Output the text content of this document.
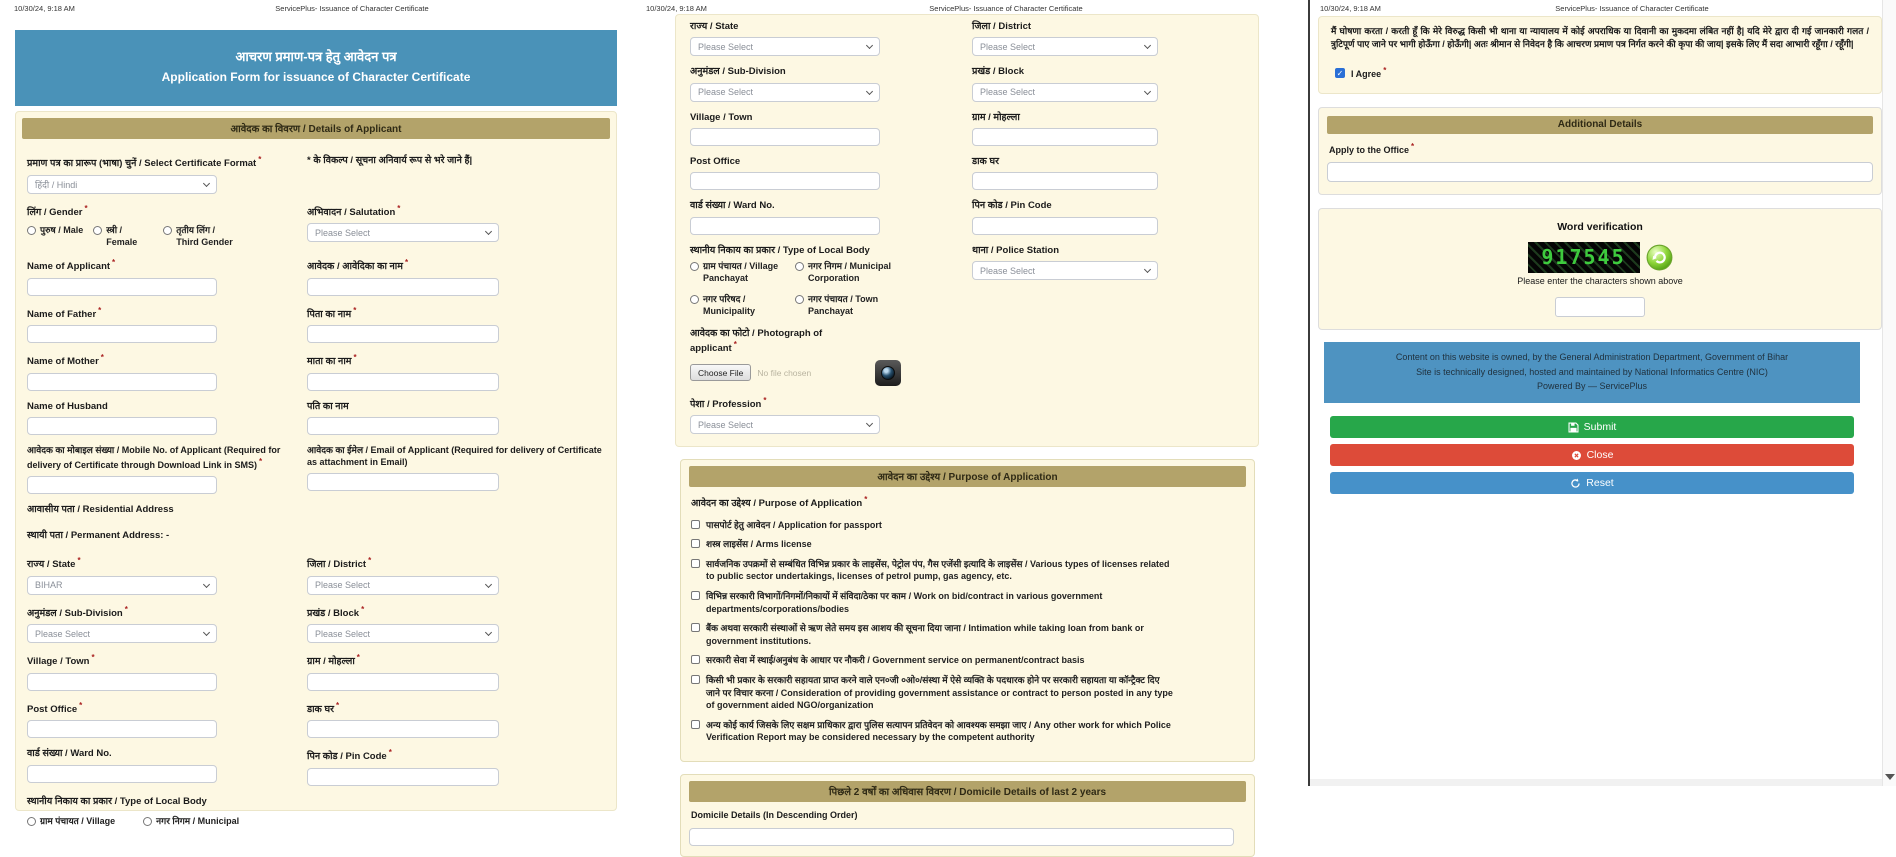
10/30/24, 9:18 AM	ServicePlus- Issuance of Character Certificate
आचरण प्रमाण-पत्र हेतु आवेदन पत्र
Application Form for issuance of Character Certificate
आवेदक का विवरण / Details of Applicant
प्रमाण पत्र का प्रारूप (भाषा) चुनें / Select Certificate Format *
हिंदी / Hindi
* के विकल्प / सूचना अनिवार्य रूप से भरे जाने हैं|
लिंग / Gender *
पुरुष / Male	स्त्री / Female
तृतीय लिंग / Third Gender
अभिवादन / Salutation *
Please Select
Name of Applicant *	आवेदक / आवेदिका का नाम *
Name of Father *	पिता का नाम *
Name of Mother *	माता का नाम *
Name of Husband	पति का नाम
आवेदक का मोबाइल संख्या / Mobile No. of Applicant (Required for delivery of Certificate through Download Link in SMS) *
आवेदक का ईमेल / Email of Applicant (Required for delivery of Certificate as attachment in Email)
आवासीय पता / Residential Address
स्थायी पता / Permanent Address: -
राज्य / State *
BIHAR
जिला / District *
Please Select
अनुमंडल / Sub-Division *
Please Select
प्रखंड / Block *
Please Select
Village / Town *	ग्राम / मोहल्ला *
Post Office *	डाक घर *
वार्ड संख्या / Ward No.	पिन कोड / Pin Code *
स्थानीय निकाय का प्रकार / Type of Local Body
ग्राम पंचायत / Village	नगर निगम / Municipal
10/30/24, 9:18 AM	ServicePlus- Issuance of Character Certificate
राज्य / State
Please Select
जिला / District
Please Select
अनुमंडल / Sub-Division
Please Select
प्रखंड / Block
Please Select
Village / Town	ग्राम / मोहल्ला
Post Office	डाक घर
वार्ड संख्या / Ward No.	पिन कोड / Pin Code
स्थानीय निकाय का प्रकार / Type of Local Body
ग्राम पंचायत / Village Panchayat
नगर निगम / Municipal Corporation
नगर परिषद / Municipality
नगर पंचायत / Town Panchayat
थाना / Police Station
Please Select
आवेदक का फोटो / Photograph of applicant *
Choose File	No file chosen
पेशा / Profession *
Please Select
आवेदन का उद्देश्य / Purpose of Application
आवेदन का उद्देश्य / Purpose of Application *
पासपोर्ट हेतु आवेदन / Application for passport
शस्त्र लाइसेंस / Arms license
सार्वजनिक उपक्रमों से सम्बंधित विभिन्न प्रकार के लाइसेंस, पेट्रोल पंप, गैस एजेंसी इत्यादि के लाइसेंस / Various types of licenses related to public sector undertakings, licenses of petrol pump, gas agency, etc.
विभिन्न सरकारी विभागों/निगमों/निकायों में संविदा/ठेका पर काम / Work on bid/contract in various government departments/corporations/bodies
बैंक अथवा सरकारी संस्थाओं से ऋण लेते समय इस आशय की सूचना दिया जाना / Intimation while taking loan from bank or government institutions.
सरकारी सेवा में स्थाई/अनुबंध के आधार पर नौकरी / Government service on permanent/contract basis
किसी भी प्रकार के सरकारी सहायता प्राप्त करने वाले एन०जी ०ओ०/संस्था में ऐसे व्यक्ति के पदधारक होने पर सरकारी सहायता या कॉन्ट्रैक्ट दिए जाने पर विचार करना / Consideration of providing government assistance or contract to person posted in any type of government aided NGO/organization
अन्य कोई कार्य जिसके लिए सक्षम प्राधिकार द्वारा पुलिस सत्यापन प्रतिवेदन को आवश्यक समझा जाए / Any other work for which Police Verification Report may be considered necessary by the competent authority
पिछले 2 वर्षों का अधिवास विवरण / Domicile Details of last 2 years
Domicile Details (In Descending Order)
10/30/24, 9:18 AM	ServicePlus- Issuance of Character Certificate
मैं घोषणा करता / करती हूँ कि मेरे विरुद्ध किसी भी थाना या न्यायालय में कोई अपराधिक या दिवानी का मुकदमा लंबित नहीं है| यदि मेरे द्वारा दी गई जानकारी गलत / त्रुटिपूर्ण पाए जाने पर भागी होऊँगा / होऊँगी| अतः श्रीमान से निवेदन है कि आचरण प्रमाण पत्र निर्गत करने की कृपा की जाय| इसके लिए मैं सदा आभारी रहूँगा / रहूँगी|
✓ I Agree *
Additional Details
Apply to the Office *
Word verification
917545
Please enter the characters shown above
Content on this website is owned, by the General Administration Department, Government of Bihar
Site is technically designed, hosted and maintained by National Informatics Centre (NIC)
Powered By — ServicePlus
Submit
Close
Reset
